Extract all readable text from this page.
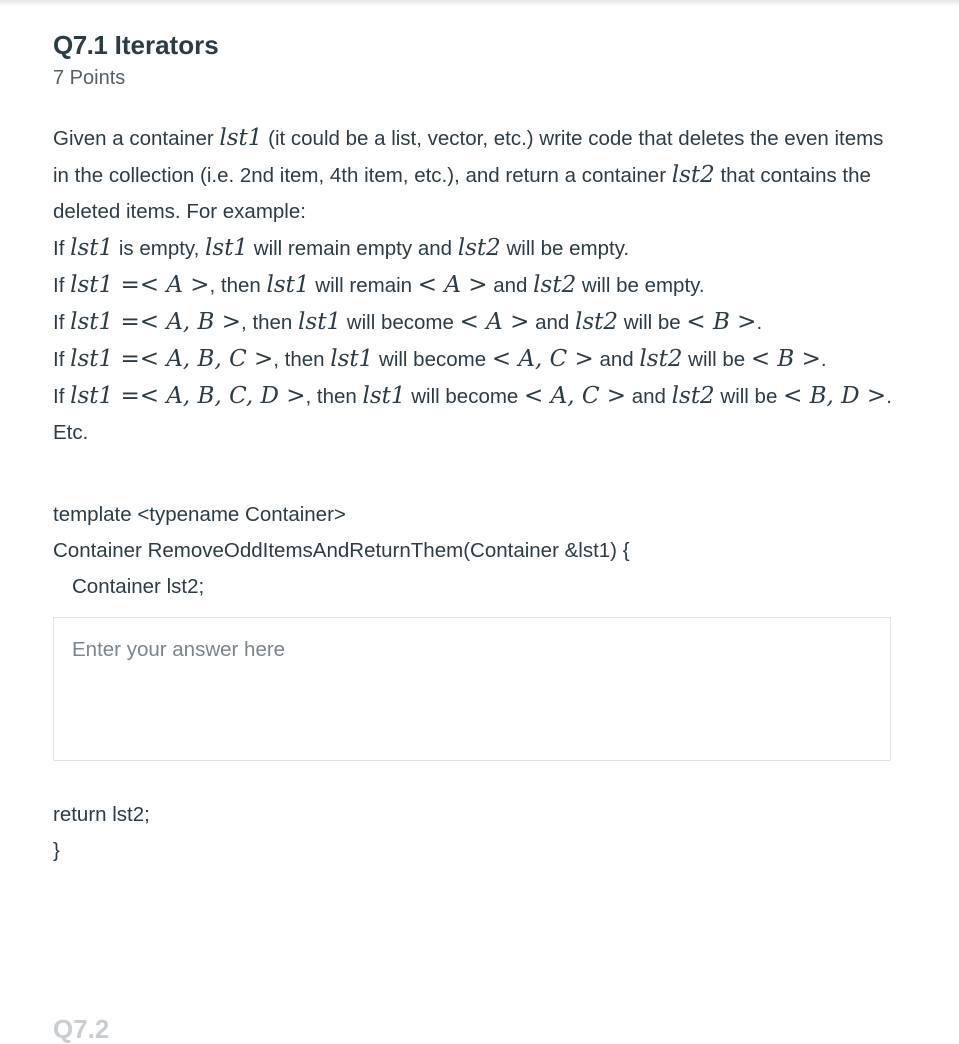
Q7.1 Iterators
7 Points

Given a container lst1 (it could be a list, vector, etc.) write code that deletes the even items in the collection (i.e. 2nd item, 4th item, etc.), and return a container lst2 that contains the deleted items. For example:

If lst1 is empty, lst1 will remain empty and lst2 will be empty.

If lst1 =< A >, then lst1 will remain < A > and lst2 will be empty.

If lst1 =< A, B >, then lst1 will become < A > and lst2 will be < B >.

If lst1 =< A, B, C >, then lst1 will become < A, C > and lst2 will be < B >.

If lst1 =< A, B, C, D >, then lst1 will become < A, C > and lst2 will be < B, D >.

Etc.

template <typename Container>
Container RemoveOddItemsAndReturnThem(Container &lst1) {
Container lst2;
Enter your answer here
return lst2;
}
Q7.2
